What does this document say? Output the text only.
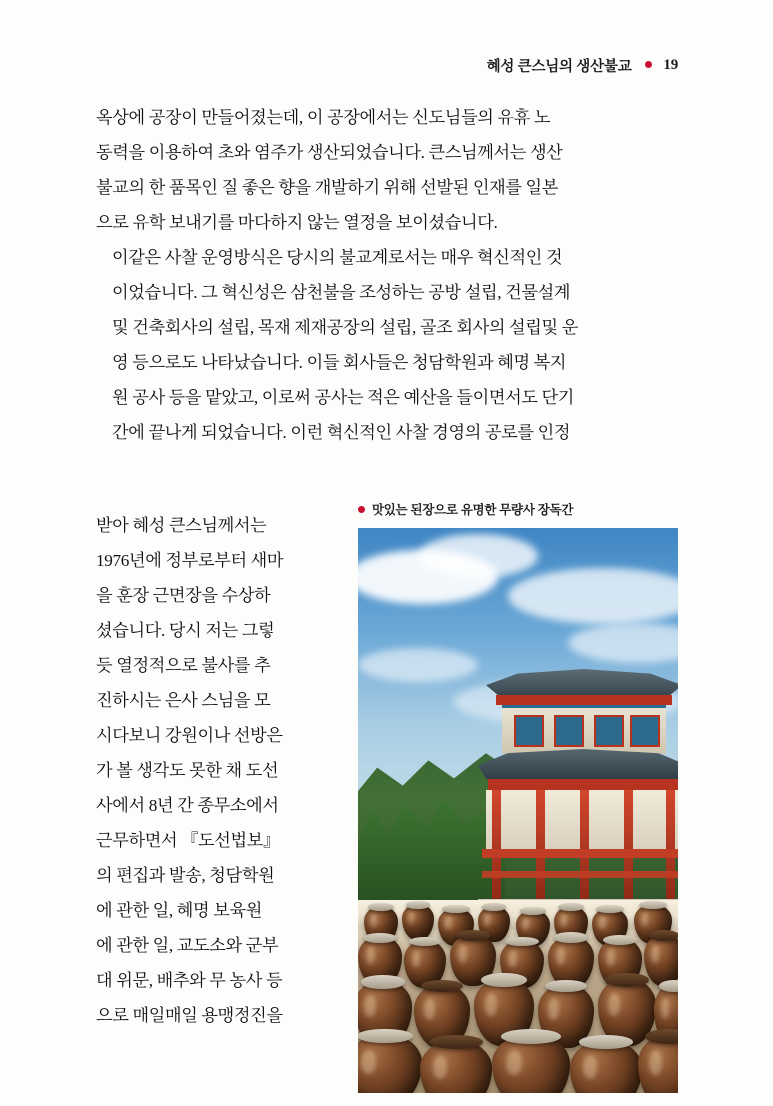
혜성 큰스님의 생산불교 19

옥상에 공장이 만들어졌는데, 이 공장에서는 신도님들의 유휴 노
동력을 이용하여 초와 염주가 생산되었습니다. 큰스님께서는 생산
불교의 한 품목인 질 좋은 향을 개발하기 위해 선발된 인재를 일본
으로 유학 보내기를 마다하지 않는 열정을 보이셨습니다.

이같은 사찰 운영방식은 당시의 불교계로서는 매우 혁신적인 것
이었습니다. 그 혁신성은 삼천불을 조성하는 공방 설립, 건물설계
및 건축회사의 설립, 목재 제재공장의 설립, 골조 회사의 설립및 운
영 등으로도 나타났습니다. 이들 회사들은 청담학원과 혜명 복지
원 공사 등을 맡았고, 이로써 공사는 적은 예산을 들이면서도 단기
간에 끝나게 되었습니다. 이런 혁신적인 사찰 경영의 공로를 인정

받아 혜성 큰스님께서는
1976년에 정부로부터 새마
을 훈장 근면장을 수상하
셨습니다. 당시 저는 그렇
듯 열정적으로 불사를 추
진하시는 은사 스님을 모
시다보니 강원이나 선방은
가 볼 생각도 못한 채 도선
사에서 8년 간 종무소에서
근무하면서 『도선법보』
의 편집과 발송, 청담학원
에 관한 일, 혜명 보육원
에 관한 일, 교도소와 군부
대 위문, 배추와 무 농사 등
으로 매일매일 용맹정진을
맛있는 된장으로 유명한 무량사 장독간
